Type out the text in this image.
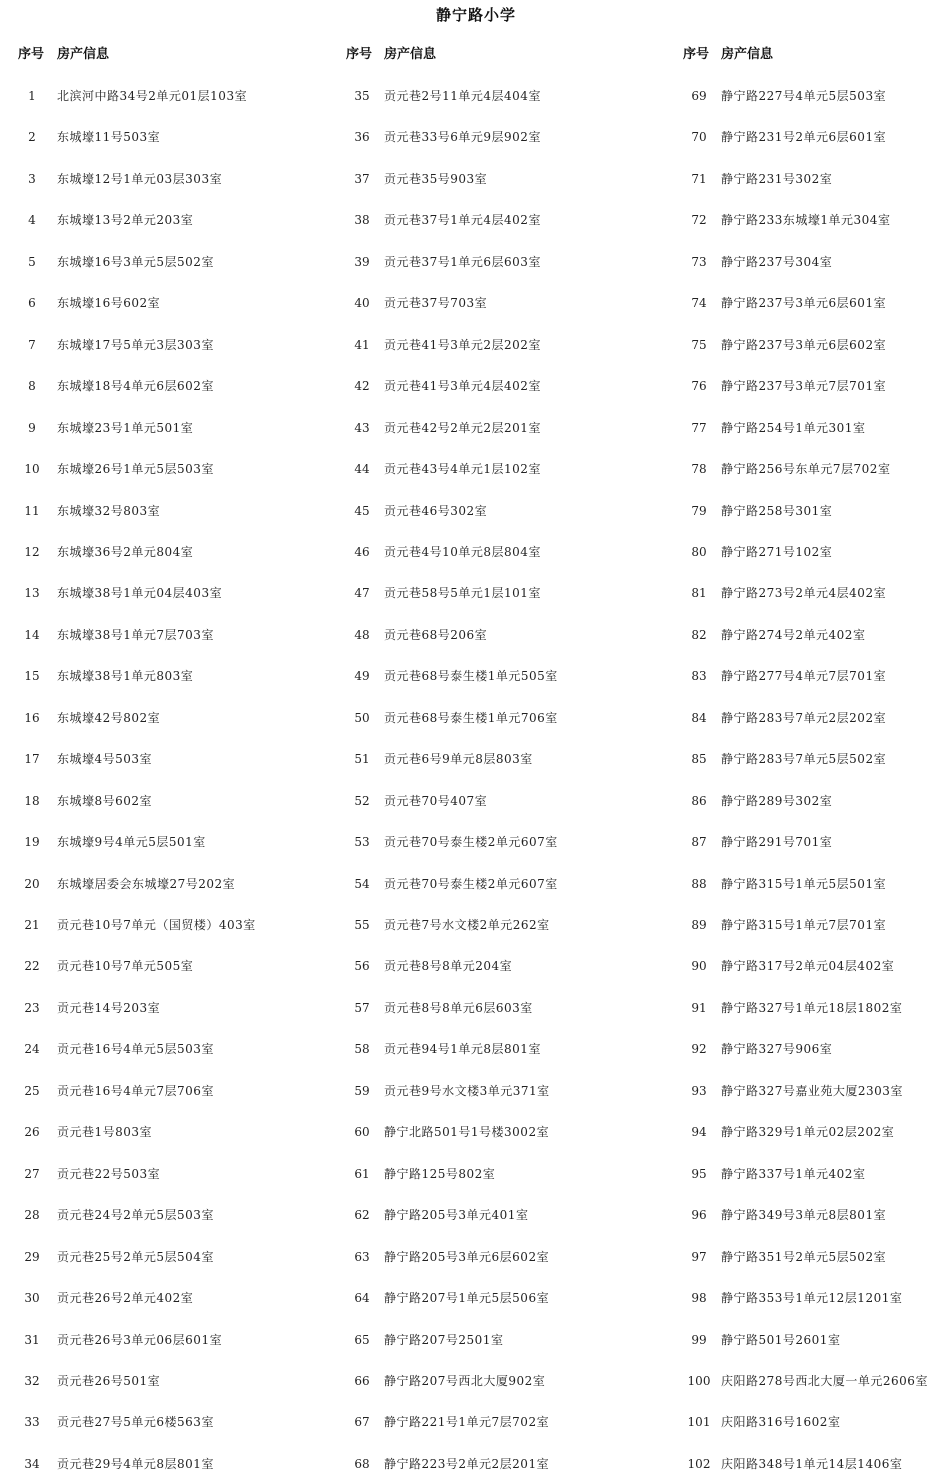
静宁路小学
序号 房产信息
1	北滨河中路34号2单元01层103室
2	东城壕11号503室
3	东城壕12号1单元03层303室
4	东城壕13号2单元203室
5	东城壕16号3单元5层502室
6	东城壕16号602室
7	东城壕17号5单元3层303室
8	东城壕18号4单元6层602室
9	东城壕23号1单元501室
10	东城壕26号1单元5层503室
11	东城壕32号803室
12	东城壕36号2单元804室
13	东城壕38号1单元04层403室
14	东城壕38号1单元7层703室
15	东城壕38号1单元803室
16	东城壕42号802室
17	东城壕4号503室
18	东城壕8号602室
19	东城壕9号4单元5层501室
20	东城壕居委会东城壕27号202室
21	贡元巷10号7单元（国贸楼）403室
22	贡元巷10号7单元505室
23	贡元巷14号203室
24	贡元巷16号4单元5层503室
25	贡元巷16号4单元7层706室
26	贡元巷1号803室
27	贡元巷22号503室
28	贡元巷24号2单元5层503室
29	贡元巷25号2单元5层504室
30	贡元巷26号2单元402室
31	贡元巷26号3单元06层601室
32	贡元巷26号501室
33	贡元巷27号5单元6楼563室
34	贡元巷29号4单元8层801室
序号 房产信息
35	贡元巷2号11单元4层404室
36	贡元巷33号6单元9层902室
37	贡元巷35号903室
38	贡元巷37号1单元4层402室
39	贡元巷37号1单元6层603室
40	贡元巷37号703室
41	贡元巷41号3单元2层202室
42	贡元巷41号3单元4层402室
43	贡元巷42号2单元2层201室
44	贡元巷43号4单元1层102室
45	贡元巷46号302室
46	贡元巷4号10单元8层804室
47	贡元巷58号5单元1层101室
48	贡元巷68号206室
49	贡元巷68号泰生楼1单元505室
50	贡元巷68号泰生楼1单元706室
51	贡元巷6号9单元8层803室
52	贡元巷70号407室
53	贡元巷70号泰生楼2单元607室
54	贡元巷70号泰生楼2单元607室
55	贡元巷7号水文楼2单元262室
56	贡元巷8号8单元204室
57	贡元巷8号8单元6层603室
58	贡元巷94号1单元8层801室
59	贡元巷9号水文楼3单元371室
60	静宁北路501号1号楼3002室
61	静宁路125号802室
62	静宁路205号3单元401室
63	静宁路205号3单元6层602室
64	静宁路207号1单元5层506室
65	静宁路207号2501室
66	静宁路207号西北大厦902室
67	静宁路221号1单元7层702室
68	静宁路223号2单元2层201室
序号 房产信息
69	静宁路227号4单元5层503室
70	静宁路231号2单元6层601室
71	静宁路231号302室
72	静宁路233东城壕1单元304室
73	静宁路237号304室
74	静宁路237号3单元6层601室
75	静宁路237号3单元6层602室
76	静宁路237号3单元7层701室
77	静宁路254号1单元301室
78	静宁路256号东单元7层702室
79	静宁路258号301室
80	静宁路271号102室
81	静宁路273号2单元4层402室
82	静宁路274号2单元402室
83	静宁路277号4单元7层701室
84	静宁路283号7单元2层202室
85	静宁路283号7单元5层502室
86	静宁路289号302室
87	静宁路291号701室
88	静宁路315号1单元5层501室
89	静宁路315号1单元7层701室
90	静宁路317号2单元04层402室
91	静宁路327号1单元18层1802室
92	静宁路327号906室
93	静宁路327号嘉业苑大厦2303室
94	静宁路329号1单元02层202室
95	静宁路337号1单元402室
96	静宁路349号3单元8层801室
97	静宁路351号2单元5层502室
98	静宁路353号1单元12层1201室
99	静宁路501号2601室
100 庆阳路278号西北大厦一单元2606室
101 庆阳路316号1602室
102 庆阳路348号1单元14层1406室
